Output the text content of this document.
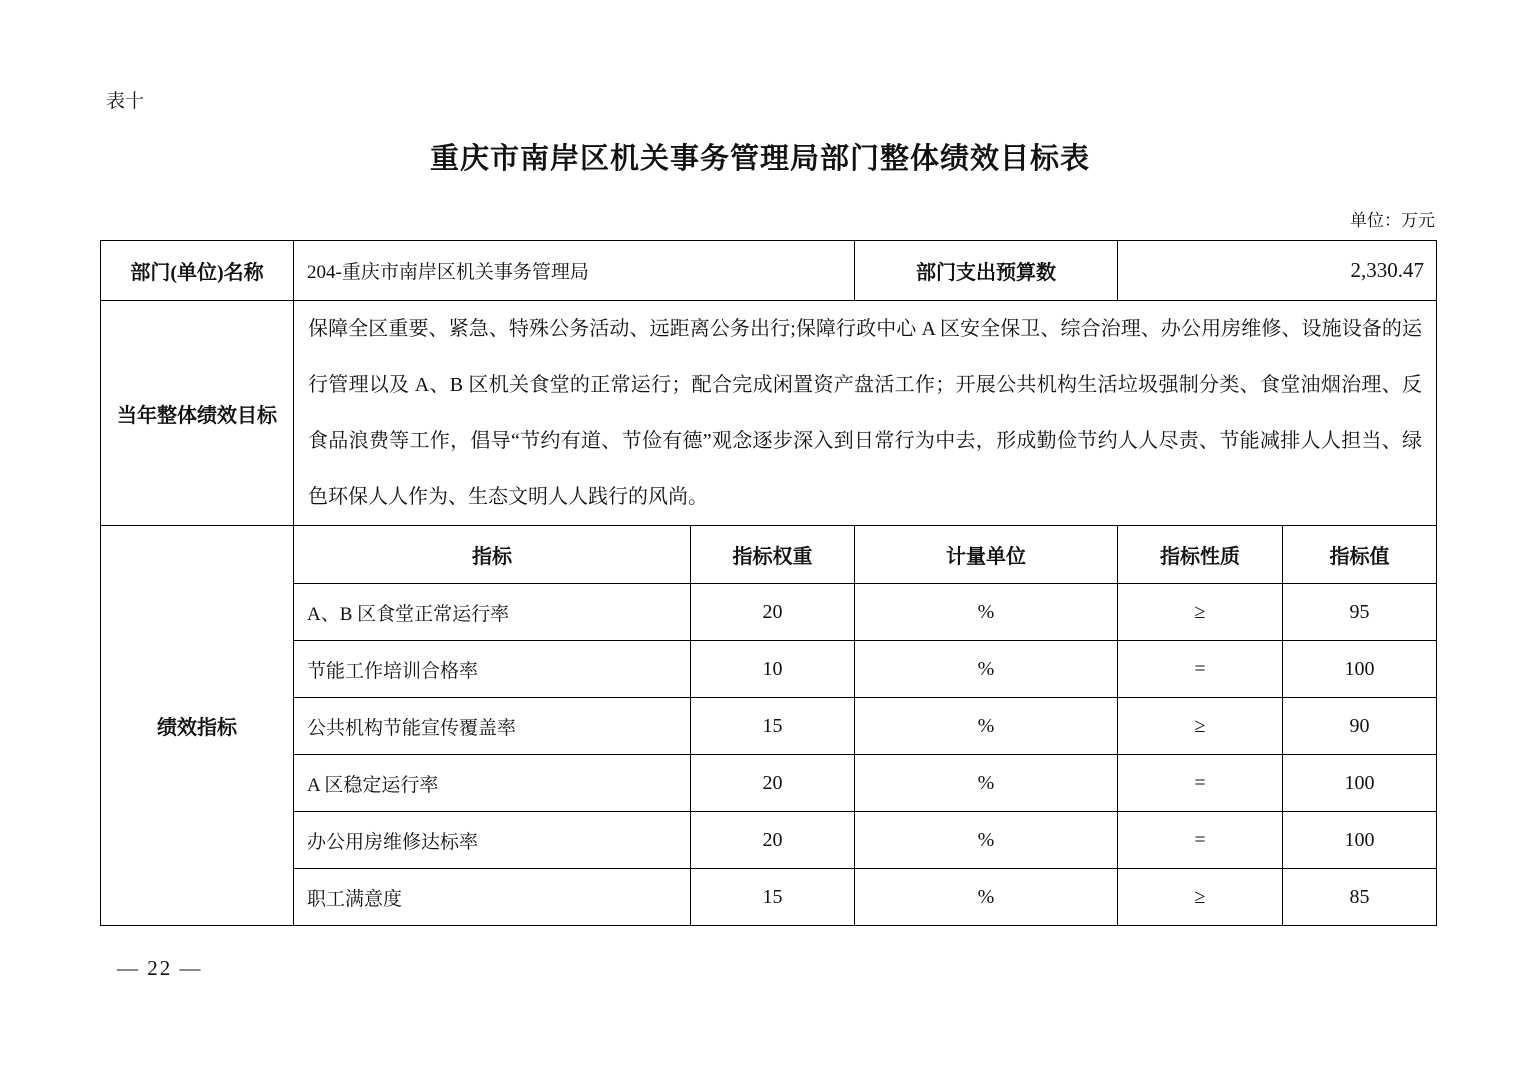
表十
重庆市南岸区机关事务管理局部门整体绩效目标表
单位：万元
部门(单位)名称	204-重庆市南岸区机关事务管理局		部门支出预算数	2,330.47	
当年整体绩效目标	保障全区重要、紧急、特殊公务活动、远距离公务出行;保障行政中心 A 区安全保卫、综合治理、办公用房维修、设施设备的运行管理以及 A、B 区机关食堂的正常运行；配合完成闲置资产盘活工作；开展公共机构生活垃圾强制分类、食堂油烟治理、反食品浪费等工作，倡导“节约有道、节俭有德”观念逐步深入到日常行为中去，形成勤俭节约人人尽责、节能减排人人担当、绿色环保人人作为、生态文明人人践行的风尚。				
绩效指标	指标	指标权重	计量单位	指标性质	指标值
	A、B 区食堂正常运行率	20	%	≥	95
	节能工作培训合格率	10	%	=	100
	公共机构节能宣传覆盖率	15	%	≥	90
	A 区稳定运行率	20	%	=	100
	办公用房维修达标率	20	%	=	100
	职工满意度	15	%	≥	85
— 22 —
